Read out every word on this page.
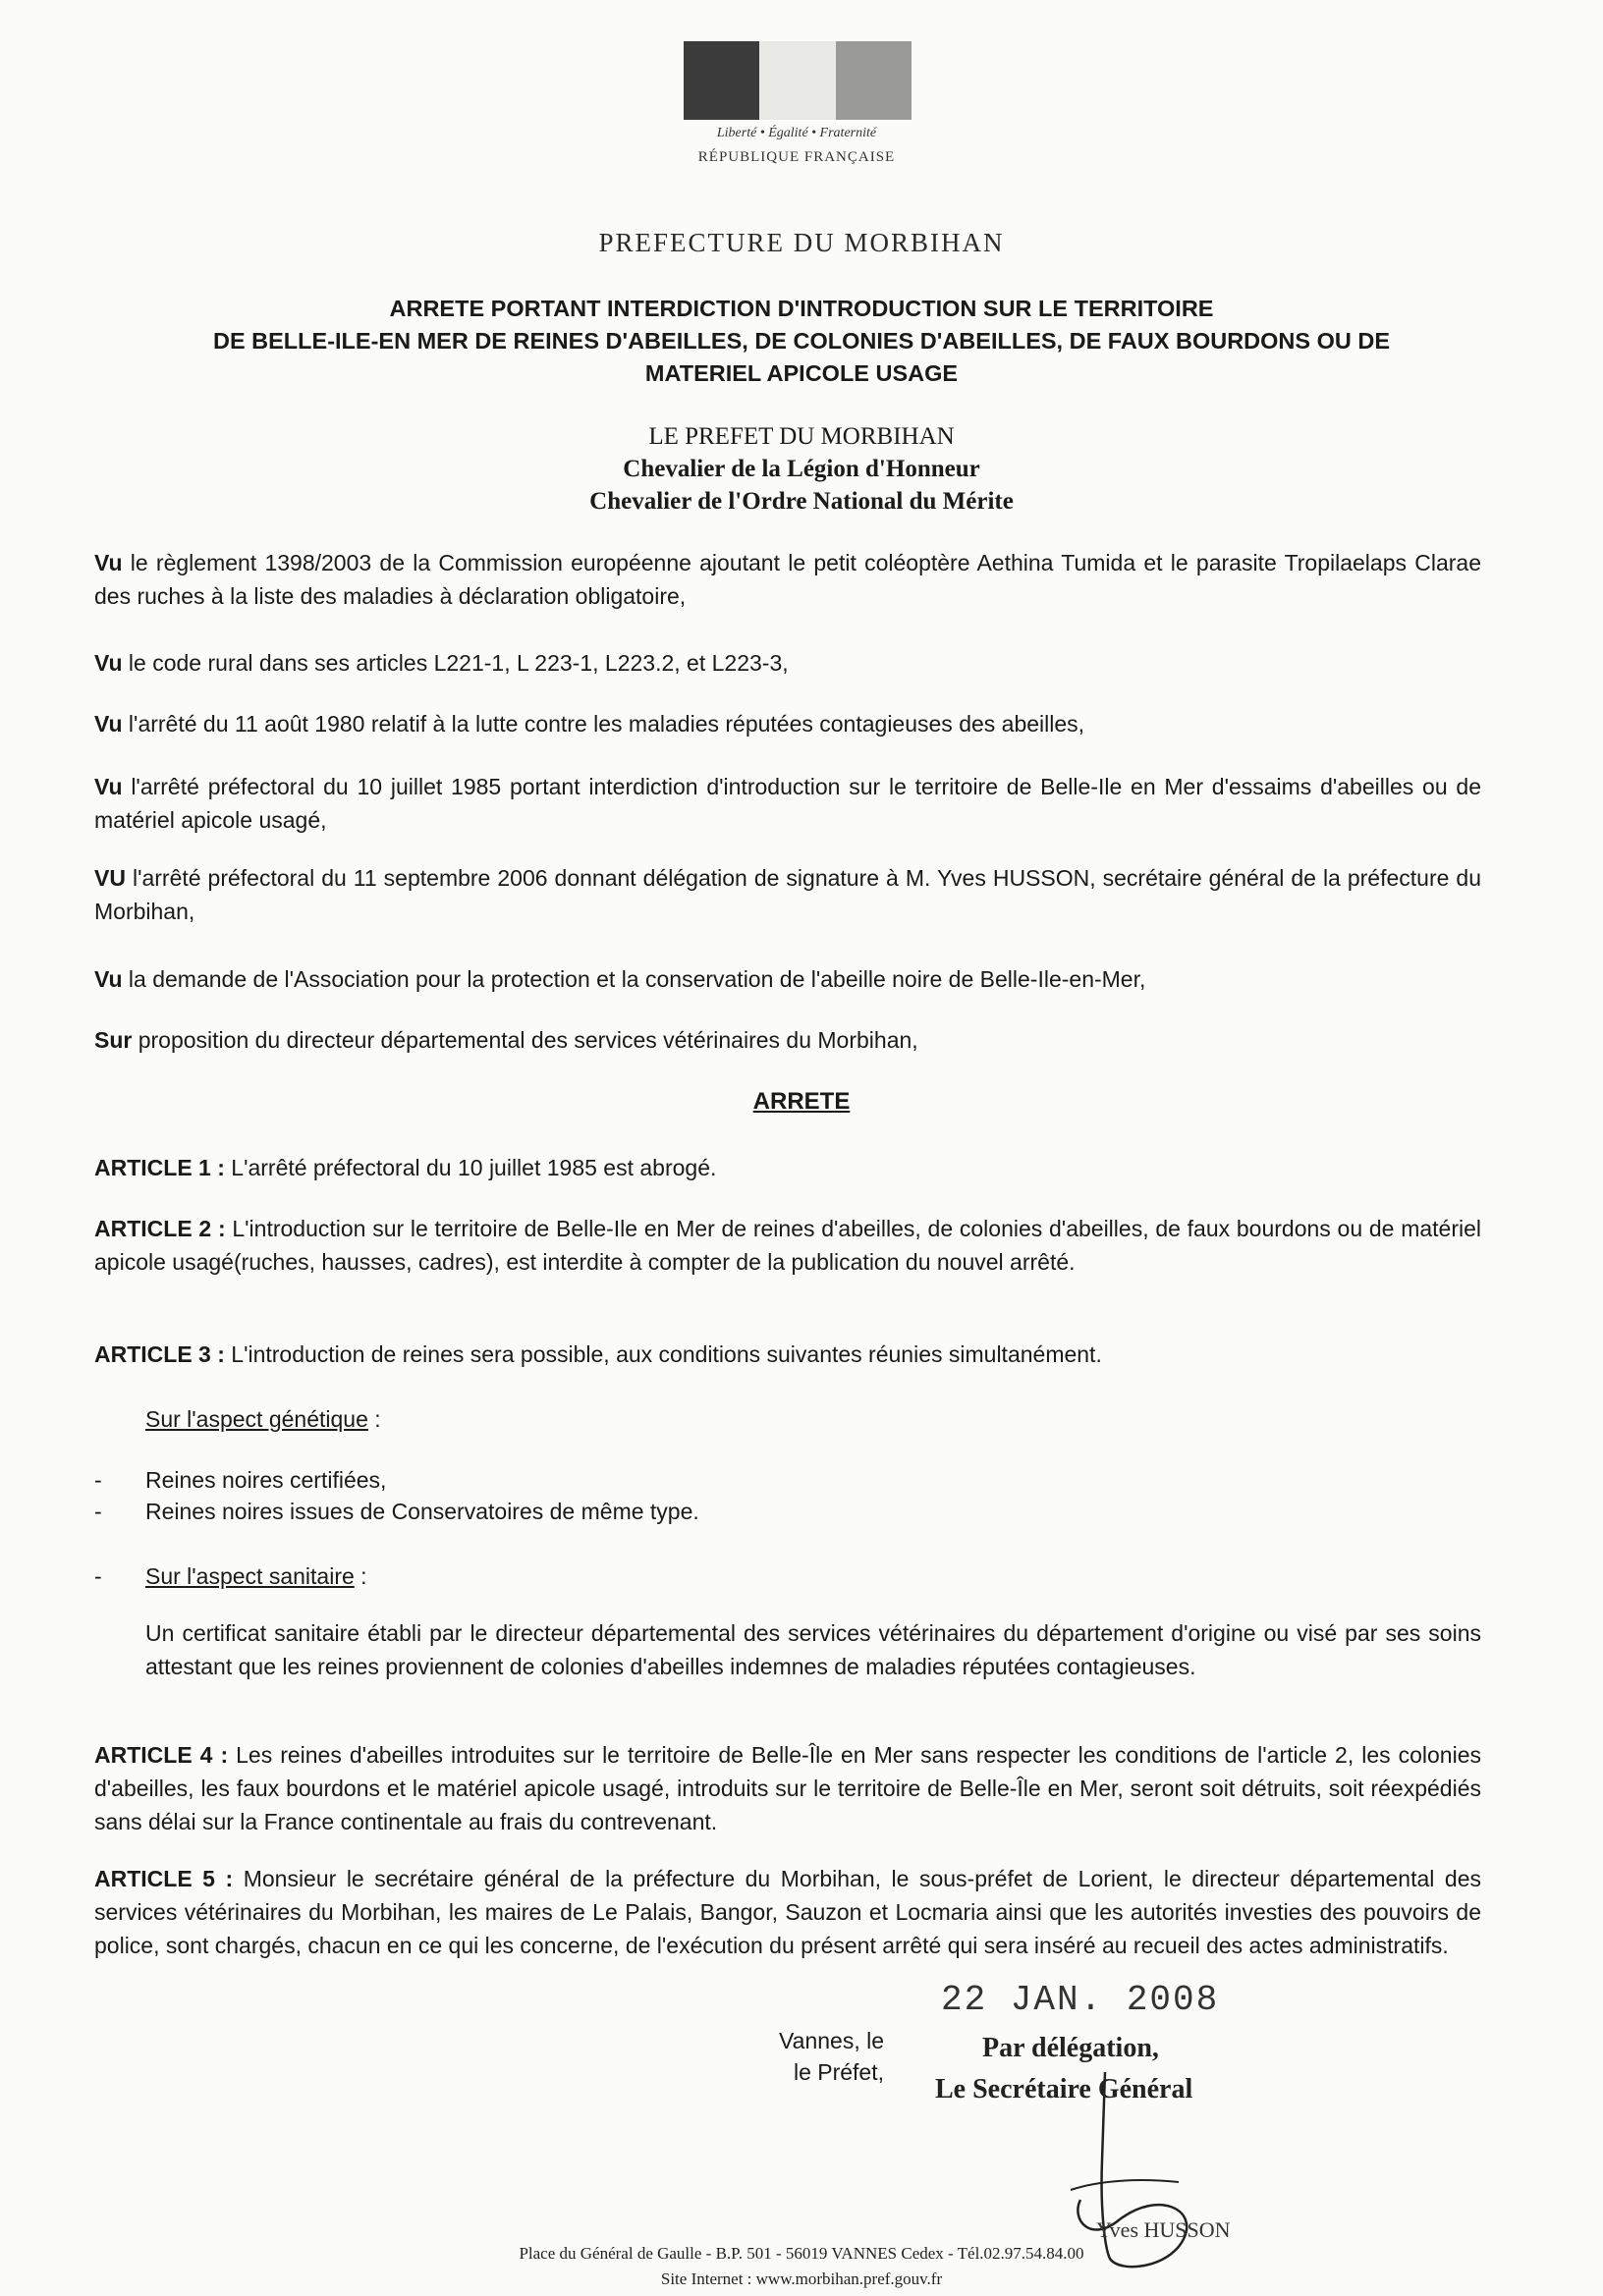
Liberté • Égalité • Fraternité
RÉPUBLIQUE FRANÇAISE
PREFECTURE DU MORBIHAN
ARRETE PORTANT INTERDICTION D'INTRODUCTION SUR LE TERRITOIRE
DE BELLE-ILE-EN MER DE REINES D'ABEILLES, DE COLONIES D'ABEILLES, DE FAUX BOURDONS OU DE
MATERIEL APICOLE USAGE
LE PREFET DU MORBIHAN
Chevalier de la Légion d'Honneur
Chevalier de l'Ordre National du Mérite
Vu le règlement 1398/2003 de la Commission européenne ajoutant le petit coléoptère Aethina Tumida et le parasite Tropilaelaps Clarae des ruches à la liste des maladies à déclaration obligatoire,
Vu le code rural dans ses articles L221-1, L 223-1, L223.2, et L223-3,
Vu l'arrêté du 11 août 1980 relatif à la lutte contre les maladies réputées contagieuses des abeilles,
Vu l'arrêté préfectoral du 10 juillet 1985 portant interdiction d'introduction sur le territoire de Belle-Ile en Mer d'essaims d'abeilles ou de matériel apicole usagé,
VU l'arrêté préfectoral du 11 septembre 2006 donnant délégation de signature à M. Yves HUSSON, secrétaire général de la préfecture du Morbihan,
Vu la demande de l'Association pour la protection et la conservation de l'abeille noire de Belle-Ile-en-Mer,
Sur proposition du directeur départemental des services vétérinaires du Morbihan,
ARRETE
ARTICLE 1 : L'arrêté préfectoral du 10 juillet 1985 est abrogé.
ARTICLE 2 : L'introduction sur le territoire de Belle-Ile en Mer de reines d'abeilles, de colonies d'abeilles, de faux bourdons ou de matériel apicole usagé(ruches, hausses, cadres), est interdite à compter de la publication du nouvel arrêté.
ARTICLE 3 : L'introduction de reines sera possible, aux conditions suivantes réunies simultanément.
Sur l'aspect génétique :
- Reines noires certifiées,
- Reines noires issues de Conservatoires de même type.
- Sur l'aspect sanitaire :
Un certificat sanitaire établi par le directeur départemental des services vétérinaires du département d'origine ou visé par ses soins attestant que les reines proviennent de colonies d'abeilles indemnes de maladies réputées contagieuses.
ARTICLE 4 : Les reines d'abeilles introduites sur le territoire de Belle-Île en Mer sans respecter les conditions de l'article 2, les colonies d'abeilles, les faux bourdons et le matériel apicole usagé, introduits sur le territoire de Belle-Île en Mer, seront soit détruits, soit réexpédiés sans délai sur la France continentale au frais du contrevenant.
ARTICLE 5 : Monsieur le secrétaire général de la préfecture du Morbihan, le sous-préfet de Lorient, le directeur départemental des services vétérinaires du Morbihan, les maires de Le Palais, Bangor, Sauzon et Locmaria ainsi que les autorités investies des pouvoirs de police, sont chargés, chacun en ce qui les concerne, de l'exécution du présent arrêté qui sera inséré au recueil des actes administratifs.
Vannes, le
le Préfet,
22 JAN. 2008
Par délégation,
Le Secrétaire Général
Place du Général de Gaulle - B.P. 501 - 56019 VANNES Cedex - Tél.02.97.54.84.00
Site Internet : www.morbihan.pref.gouv.fr
Yves HUSSON
